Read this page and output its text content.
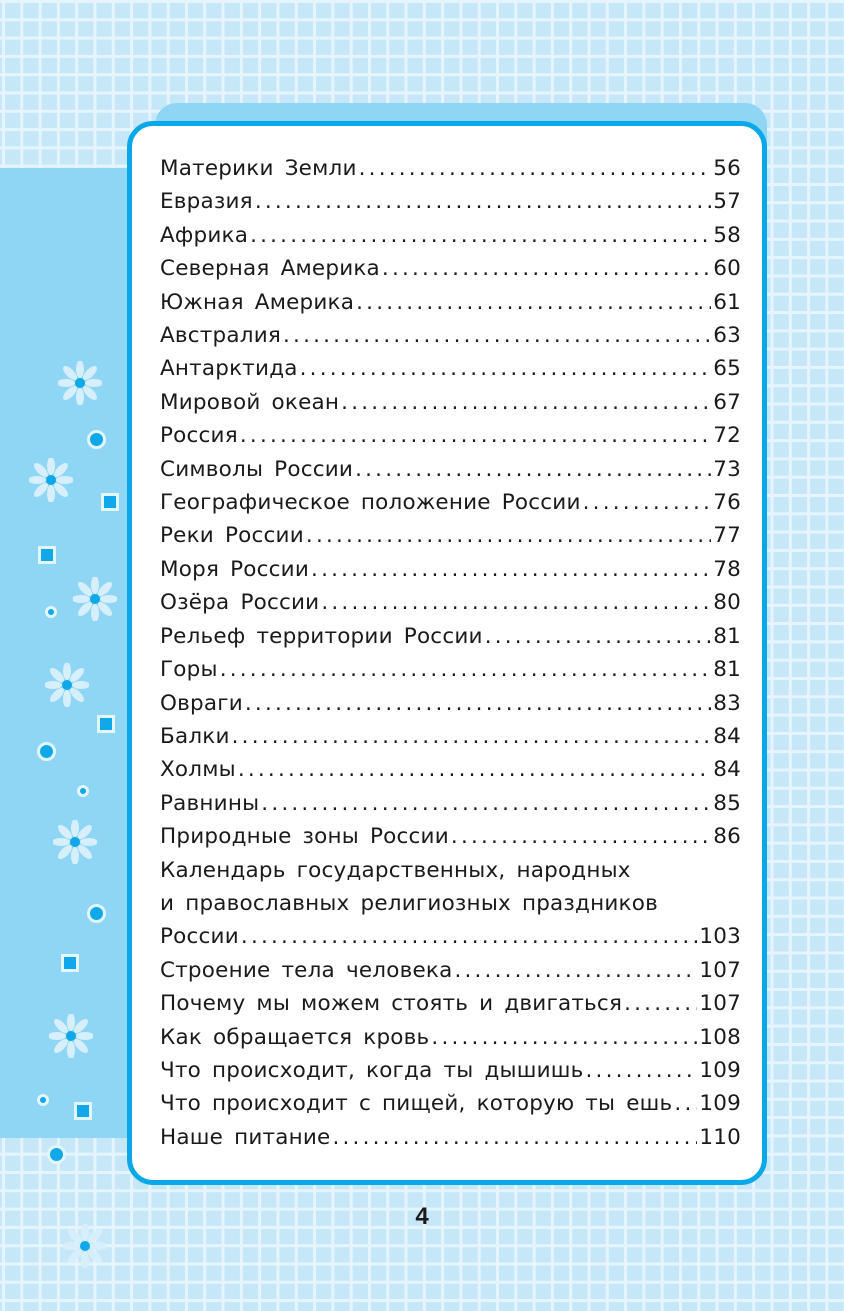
Материки Земли .....	56
Евразия .....	57
Африка .....	58
Северная Америка .....	60
Южная Америка .....	61
Австралия .....	63
Антарктида .....	65
Мировой океан .....	67
Россия .....	72
Символы России .....	73
Географическое положение России .....	76
Реки России .....	77
Моря России .....	78
Озёра России .....	80
Рельеф территории России .....	81
Горы .....	81
Овраги .....	83
Балки .....	84
Холмы .....	84
Равнины .....	85
Природные зоны России .....	86
Календарь государственных, народных
и православных религиозных праздников
России .....	103
Строение тела человека .....	107
Почему мы можем стоять и двигаться .....	107
Как обращается кровь .....	108
Что происходит, когда ты дышишь .....	109
Что происходит с пищей, которую ты ешь ..... 109
Наше питание .....	110
4
